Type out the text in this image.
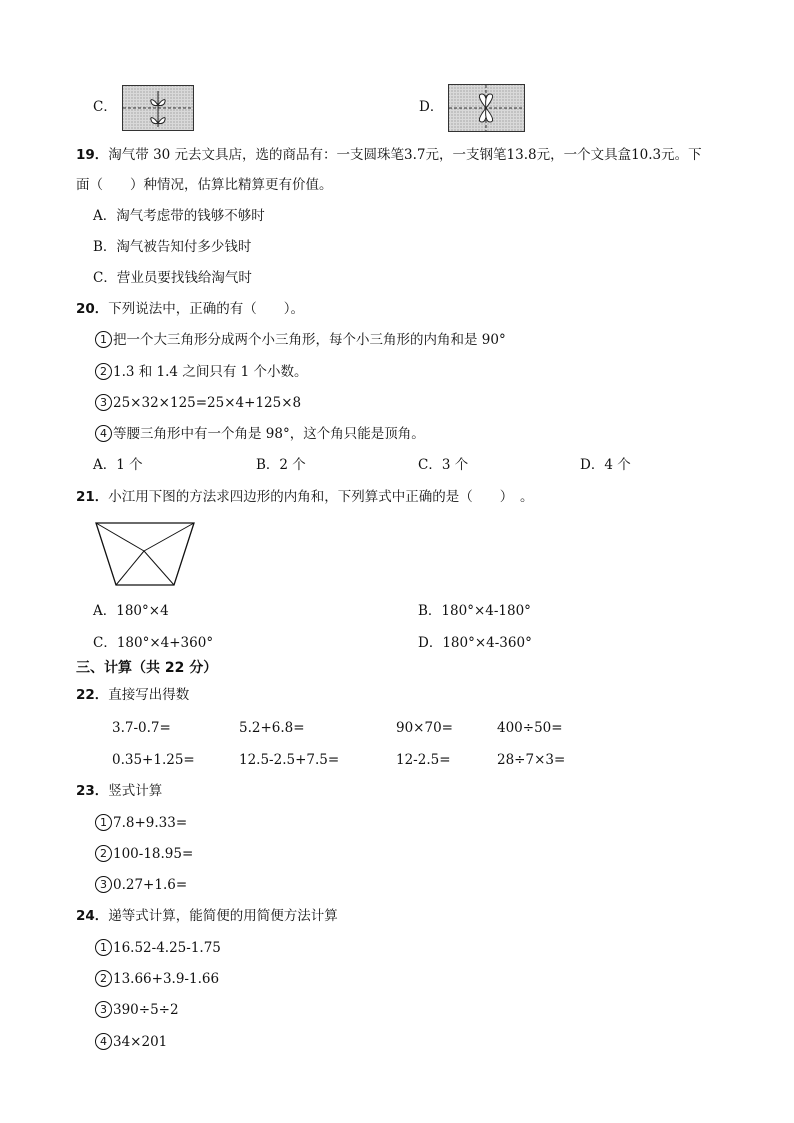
C．	D．
19．淘气带 30 元去文具店，选的商品有：一支圆珠笔3.7元，一支钢笔13.8元，一个文具盒10.3元。下
面（　　）种情况，估算比精算更有价值。
A．淘气考虑带的钱够不够时
B．淘气被告知付多少钱时
C．营业员要找钱给淘气时
20．下列说法中，正确的有（　　）。
1 把一个大三角形分成两个小三角形，每个小三角形的内角和是 90°
2 1.3 和 1.4 之间只有 1 个小数。
3 25×32×125=25×4+125×8
4 等腰三角形中有一个角是 98°，这个角只能是顶角。
A．1 个	B．2 个	C．3 个	D．4 个
21．小江用下图的方法求四边形的内角和，下列算式中正确的是（　　）　。
A．180°×4	B．180°×4-180°
C．180°×4+360°	D．180°×4-360°
三、计算（共 22 分）
22．直接写出得数
3.7-0.7=	5.2+6.8=	90×70=	400÷50=
0.35+1.25=	12.5-2.5+7.5=	12-2.5=	28÷7×3=
23．竖式计算
1 7.8+9.33=
2 100-18.95=
3 0.27+1.6=
24．递等式计算，能简便的用简便方法计算
1 16.52-4.25-1.75
2 13.66+3.9-1.66
3 390÷5÷2
4 34×201
